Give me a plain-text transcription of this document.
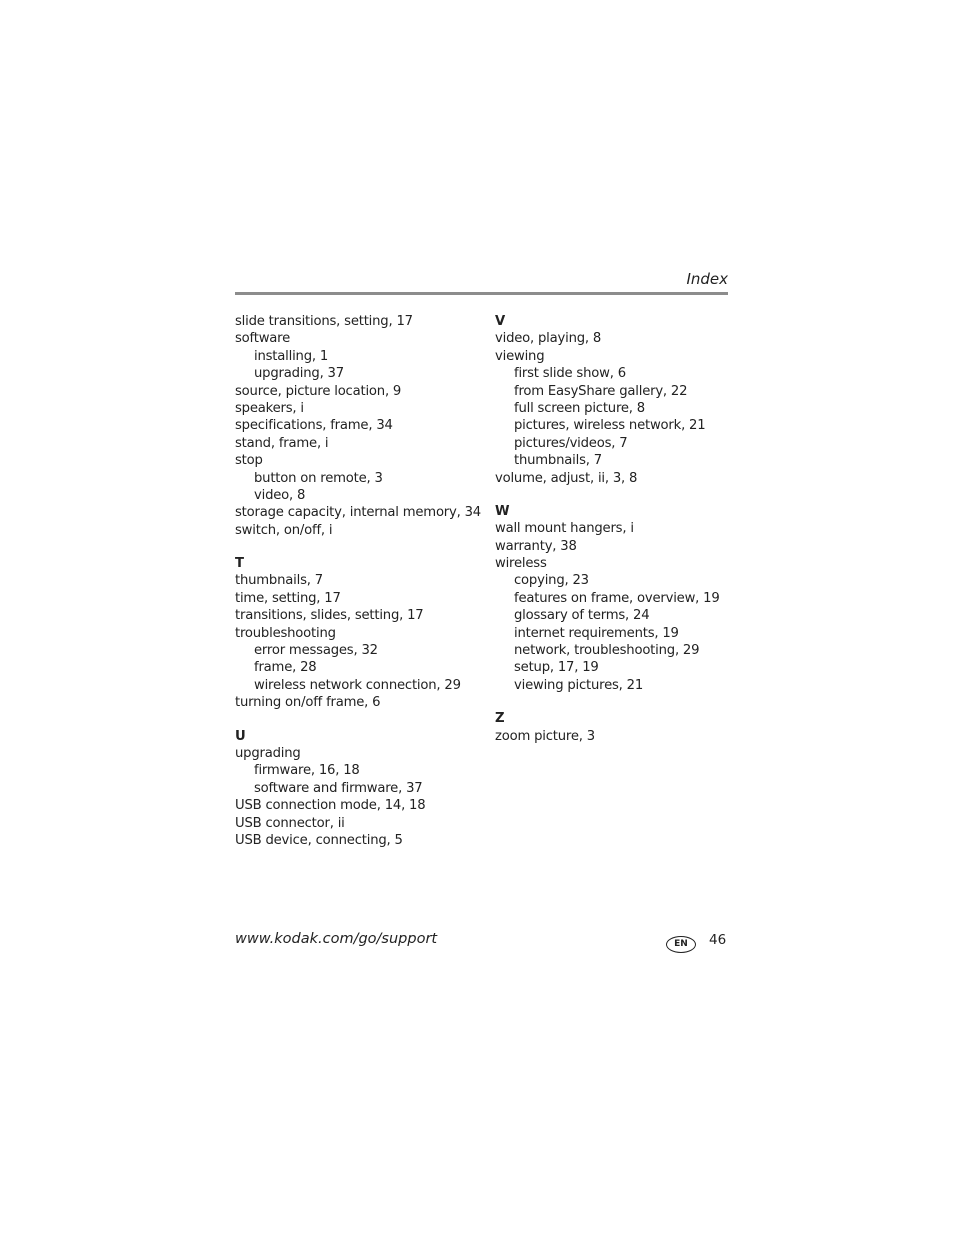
Index
slide transitions, setting, 17
software
installing, 1
upgrading, 37
source, picture location, 9
speakers, i
specifications, frame, 34
stand, frame, i
stop
button on remote, 3
video, 8
storage capacity, internal memory, 34
switch, on/off, i
T
thumbnails, 7
time, setting, 17
transitions, slides, setting, 17
troubleshooting
error messages, 32
frame, 28
wireless network connection, 29
turning on/off frame, 6
U
upgrading
firmware, 16, 18
software and firmware, 37
USB connection mode, 14, 18
USB connector, ii
USB device, connecting, 5
V
video, playing, 8
viewing
first slide show, 6
from EasyShare gallery, 22
full screen picture, 8
pictures, wireless network, 21
pictures/videos, 7
thumbnails, 7
volume, adjust, ii, 3, 8
W
wall mount hangers, i
warranty, 38
wireless
copying, 23
features on frame, overview, 19
glossary of terms, 24
internet requirements, 19
network, troubleshooting, 29
setup, 17, 19
viewing pictures, 21
Z
zoom picture, 3
www.kodak.com/go/support	EN	46
